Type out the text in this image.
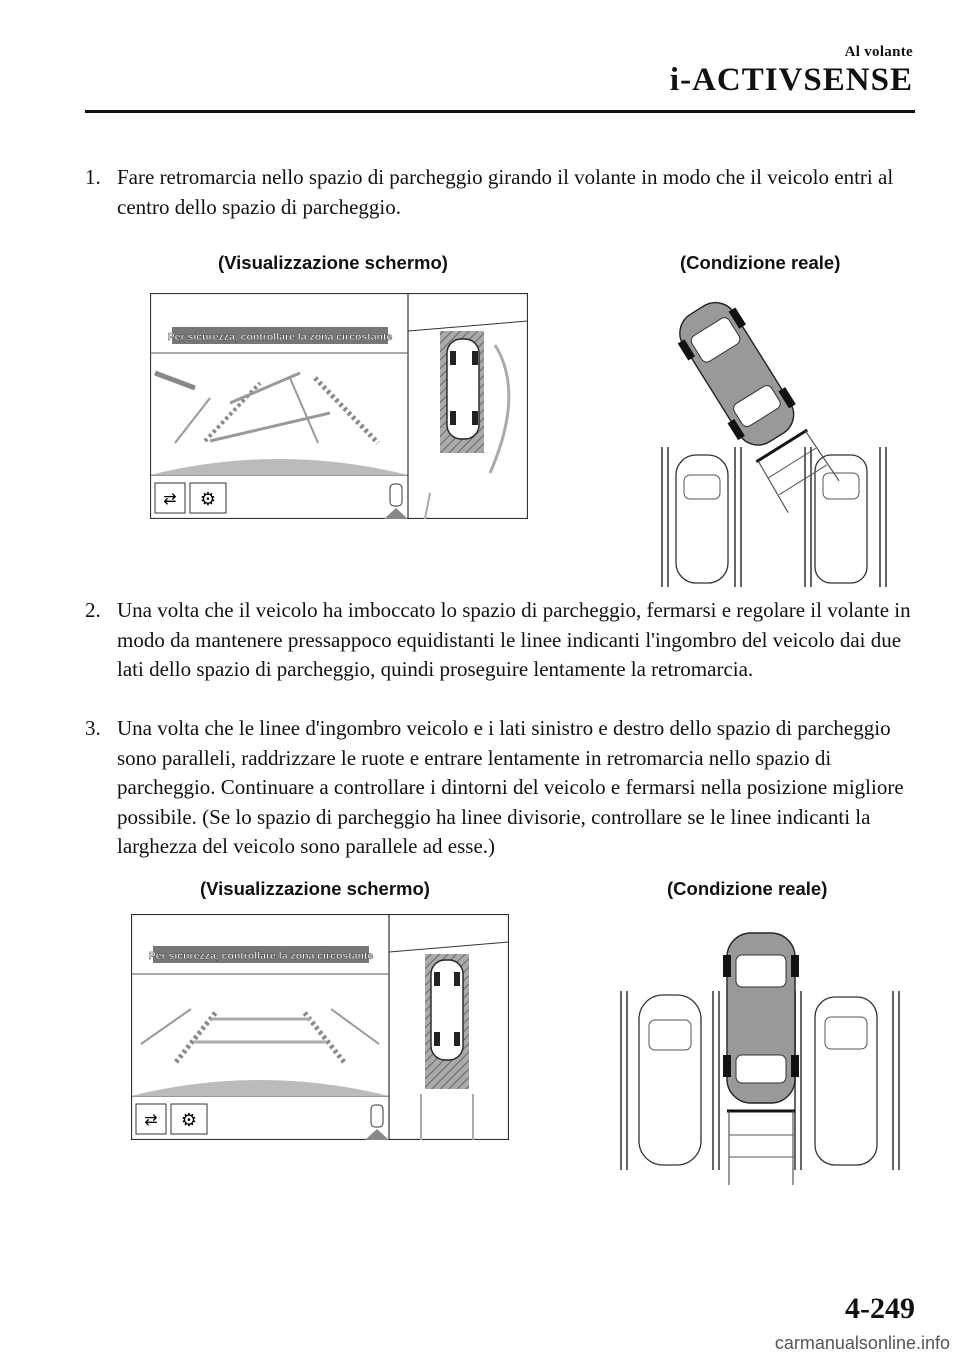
Al volante
i-ACTIVSENSE
1. Fare retromarcia nello spazio di parcheggio girando il volante in modo che il veicolo entri al centro dello spazio di parcheggio.
(Visualizzazione schermo)	(Condizione reale)
Per sicurezza, controllare la zona circostante
⇄ ⚙
2. Una volta che il veicolo ha imboccato lo spazio di parcheggio, fermarsi e regolare il volante in modo da mantenere pressappoco equidistanti le linee indicanti l'ingombro del veicolo dai due lati dello spazio di parcheggio, quindi proseguire lentamente la retromarcia.
3. Una volta che le linee d'ingombro veicolo e i lati sinistro e destro dello spazio di parcheggio sono paralleli, raddrizzare le ruote e entrare lentamente in retromarcia nello spazio di parcheggio. Continuare a controllare i dintorni del veicolo e fermarsi nella posizione migliore possibile. (Se lo spazio di parcheggio ha linee divisorie, controllare se le linee indicanti la larghezza del veicolo sono parallele ad esse.)
(Visualizzazione schermo)	(Condizione reale)
Per sicurezza, controllare la zona circostante
⇄ ⚙
4-249
carmanualsonline.info
